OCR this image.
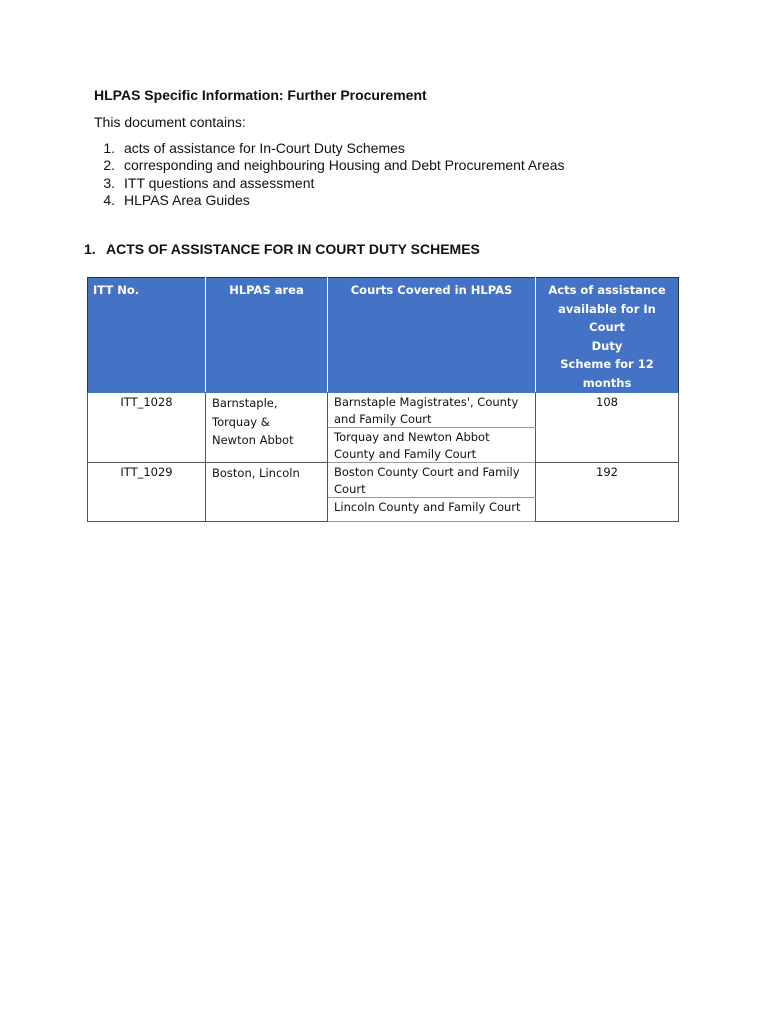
HLPAS Specific Information: Further Procurement

This document contains:

1. acts of assistance for In-Court Duty Schemes
2. corresponding and neighbouring Housing and Debt Procurement Areas
3. ITT questions and assessment
4. HLPAS Area Guides
1. ACTS OF ASSISTANCE FOR IN COURT DUTY SCHEMES
ITT No.	HLPAS area	Courts Covered in HLPAS	Acts of assistance
available for In Court
Duty
Scheme for 12 months

ITT_1028	Barnstaple,
Torquay &
Newton Abbot	Barnstaple Magistrates', County and Family Court	108
		Torquay and Newton Abbot County and Family Court	
ITT_1029	Boston, Lincoln	Boston County Court and Family Court	192
		Lincoln County and Family Court	
